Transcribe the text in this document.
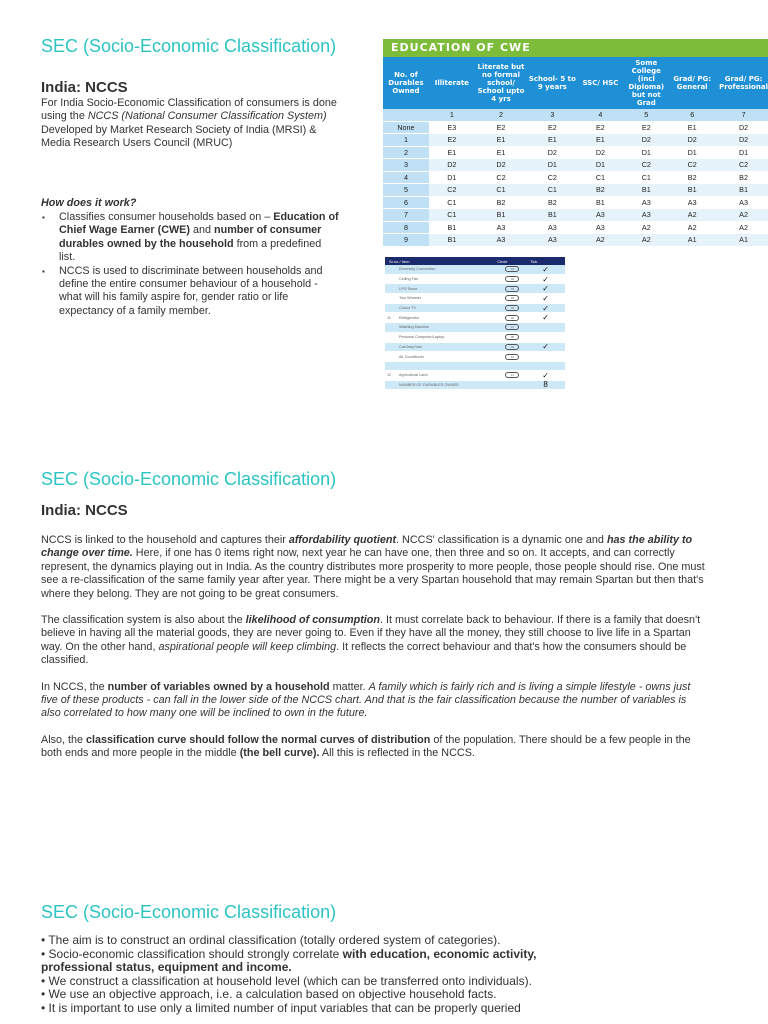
SEC (Socio-Economic Classification)
India: NCCS

For India Socio-Economic Classification of consumers is done using the NCCS (National Consumer Classification System)
Developed by Market Research Society of India (MRSI) & Media Research Users Council (MRUC)

How does it work?

▪ Classifies consumer households based on – Education of Chief Wage Earner (CWE) and number of consumer durables owned by the household from a predefined list.
▪ NCCS is used to discriminate between households and define the entire consumer behaviour of a household - what will his family aspire for, gender ratio or life expectancy of a family member.
EDUCATION OF CWE
No. of Durables Owned	Illiterate	Literate but no formal school/ School upto 4 yrs	School- 5 to 9 years	SSC/ HSC	Some College (incl Diploma) but not Grad	Grad/ PG: General	Grad/ PG: Professional
	1	2	3	4	5	6	7
None	E3	E2	E2	E2	E2	E1	D2
1	E2	E1	E1	E1	D2	D2	D2
2	E1	E1	D2	D2	D1	D1	D1
3	D2	D2	D1	D1	C2	C2	C2
4	D1	C2	C2	C1	C1	B2	B2
5	C2	C1	C1	B2	B1	B1	B1
6	C1	B2	B2	B1	A3	A3	A3
7	C1	B1	B1	A3	A3	A2	A2
8	B1	A3	A3	A3	A2	A2	A2
9	B1	A3	A3	A2	A2	A1	A1
Sr.no / Item	Circle	Tick
Electricity Connection	01	✓
Ceiling Fan	02	✓
LPG Stove	03	✓
Two Wheeler	04	✓
Colour TV	05	✓
11 Refrigerator	06	✓
Washing Machine	07
Personal Computer/Laptop	08
Car/Jeep/Van	09	✓
Air Conditioner	10
12 Agricultural Land	11	✓
NUMBER OF DURABLES OWNED	8
SEC (Socio-Economic Classification)
India: NCCS

NCCS is linked to the household and captures their affordability quotient. NCCS' classification is a dynamic one and has the ability to change over time. Here, if one has 0 items right now, next year he can have one, then three and so on. It accepts, and can correctly represent, the dynamics playing out in India. As the country distributes more prosperity to more people, those people should rise. One must see a re-classification of the same family year after year. There might be a very Spartan household that may remain Spartan but then that's where they belong. They are not going to be great consumers.

The classification system is also about the likelihood of consumption. It must correlate back to behaviour. If there is a family that doesn't believe in having all the material goods, they are never going to. Even if they have all the money, they still choose to live life in a Spartan way. On the other hand, aspirational people will keep climbing. It reflects the correct behaviour and that's how the consumers should be classified.

In NCCS, the number of variables owned by a household matter. A family which is fairly rich and is living a simple lifestyle - owns just five of these products - can fall in the lower side of the NCCS chart. And that is the fair classification because the number of variables is also correlated to how many one will be inclined to own in the future.

Also, the classification curve should follow the normal curves of distribution of the population. There should be a few people in the both ends and more people in the middle (the bell curve). All this is reflected in the NCCS.

SEC (Socio-Economic Classification)
• The aim is to construct an ordinal classification (totally ordered system of categories).
• Socio-economic classification should strongly correlate with education, economic activity, professional status, equipment and income.
• We construct a classification at household level (which can be transferred onto individuals).
• We use an objective approach, i.e. a calculation based on objective household facts.
• It is important to use only a limited number of input variables that can be properly queried
